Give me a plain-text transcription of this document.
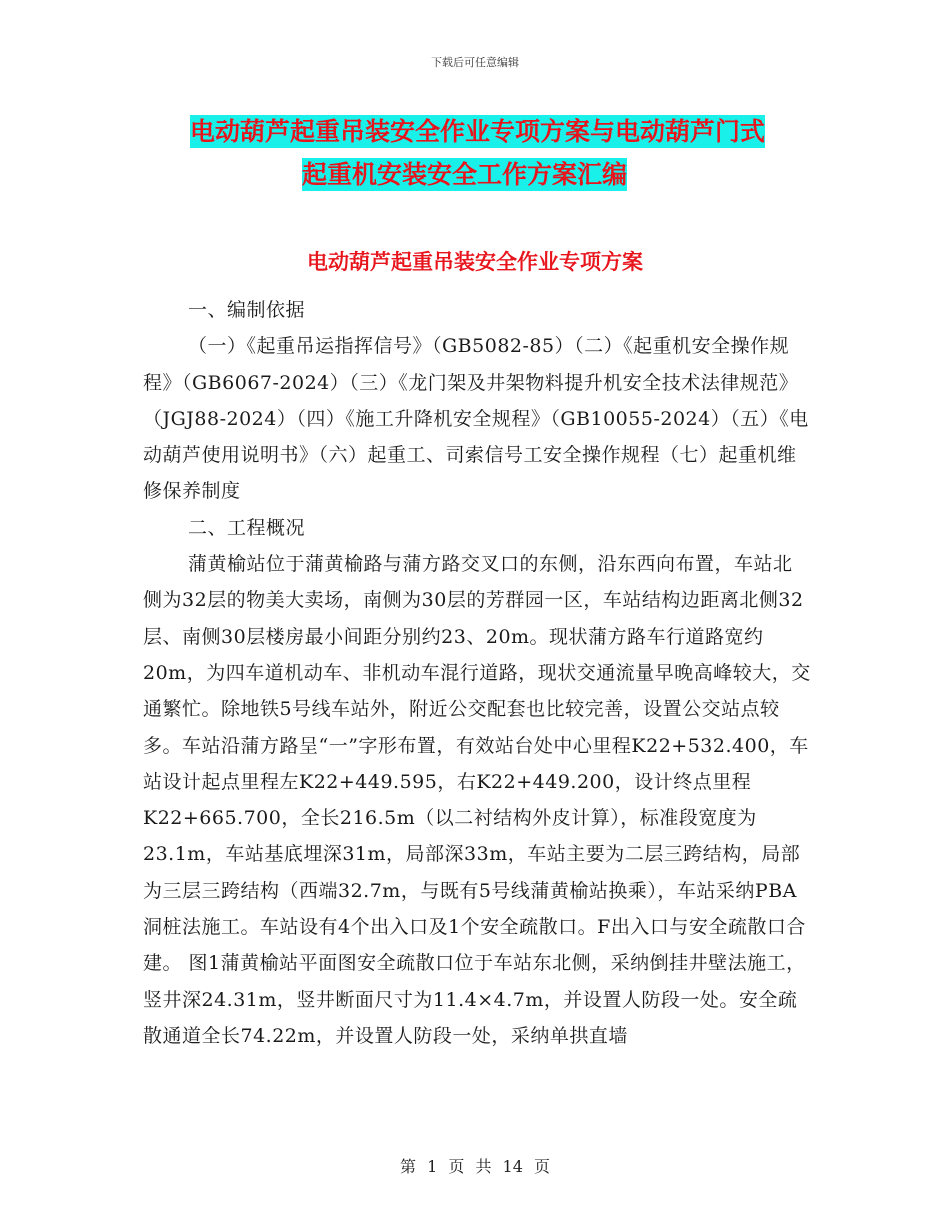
下载后可任意编辑
电动葫芦起重吊装安全作业专项方案与电动葫芦门式
起重机安装安全工作方案汇编
电动葫芦起重吊装安全作业专项方案

一、编制依据

（一）《起重吊运指挥信号》（GB5082-85）（二）《起重机安全操作规程》（GB6067-2024）（三）《龙门架及井架物料提升机安全技术法律规范》（JGJ88-2024）（四）《施工升降机安全规程》（GB10055-2024）（五）《电动葫芦使用说明书》（六）起重工、司索信号工安全操作规程（七）起重机维修保养制度

二、工程概况

蒲黄榆站位于蒲黄榆路与蒲方路交叉口的东侧，沿东西向布置，车站北侧为32层的物美大卖场，南侧为30层的芳群园一区，车站结构边距离北侧32层、南侧30层楼房最小间距分别约23、20m。现状蒲方路车行道路宽约20m，为四车道机动车、非机动车混行道路，现状交通流量早晚高峰较大，交通繁忙。除地铁5号线车站外，附近公交配套也比较完善，设置公交站点较多。车站沿蒲方路呈“一”字形布置，有效站台处中心里程K22+532.400，车站设计起点里程左K22+449.595，右K22+449.200，设计终点里程K22+665.700，全长216.5m（以二衬结构外皮计算），标准段宽度为23.1m，车站基底埋深31m，局部深33m，车站主要为二层三跨结构，局部为三层三跨结构（西端32.7m，与既有5号线蒲黄榆站换乘），车站采纳PBA洞桩法施工。车站设有4个出入口及1个安全疏散口。F出入口与安全疏散口合建。 图1蒲黄榆站平面图安全疏散口位于车站东北侧，采纳倒挂井壁法施工，竖井深24.31m，竖井断面尺寸为11.4×4.7m，并设置人防段一处。安全疏散通道全长74.22m，并设置人防段一处，采纳单拱直墙

第 1 页 共 14 页
